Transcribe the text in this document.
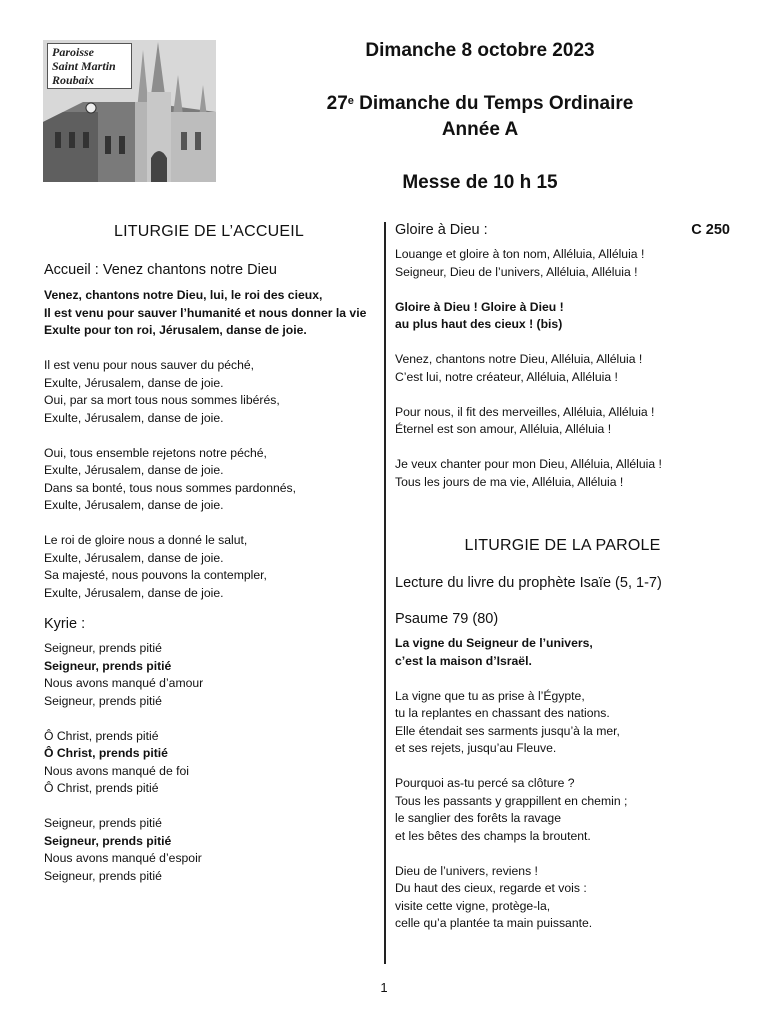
Paroisse
Saint Martin
Roubaix
Dimanche 8 octobre 2023
27e Dimanche du Temps Ordinaire
Année A
Messe de 10 h 15
LITURGIE DE L’ACCUEIL
Accueil : Venez chantons notre Dieu
Venez, chantons notre Dieu, lui, le roi des cieux,
Il est venu pour sauver l’humanité et nous donner la vie
Exulte pour ton roi, Jérusalem, danse de joie.
Il est venu pour nous sauver du péché,
Exulte, Jérusalem, danse de joie.
Oui, par sa mort tous nous sommes libérés,
Exulte, Jérusalem, danse de joie.
Oui, tous ensemble rejetons notre péché,
Exulte, Jérusalem, danse de joie.
Dans sa bonté, tous nous sommes pardonnés,
Exulte, Jérusalem, danse de joie.
Le roi de gloire nous a donné le salut,
Exulte, Jérusalem, danse de joie.
Sa majesté, nous pouvons la contempler,
Exulte, Jérusalem, danse de joie.
Kyrie :
Seigneur, prends pitié
Seigneur, prends pitié
Nous avons manqué d’amour
Seigneur, prends pitié
Ô Christ, prends pitié
Ô Christ, prends pitié
Nous avons manqué de foi
Ô Christ, prends pitié
Seigneur, prends pitié
Seigneur, prends pitié
Nous avons manqué d’espoir
Seigneur, prends pitié
Gloire à Dieu :	C 250
Louange et gloire à ton nom, Alléluia, Alléluia !
Seigneur, Dieu de l’univers, Alléluia, Alléluia !
Gloire à Dieu ! Gloire à Dieu !
au plus haut des cieux ! (bis)
Venez, chantons notre Dieu, Alléluia, Alléluia !
C’est lui, notre créateur, Alléluia, Alléluia !
Pour nous, il fit des merveilles, Alléluia, Alléluia !
Éternel est son amour, Alléluia, Alléluia !
Je veux chanter pour mon Dieu, Alléluia, Alléluia !
Tous les jours de ma vie, Alléluia, Alléluia !
LITURGIE DE LA PAROLE
Lecture du livre du prophète Isaïe (5, 1-7)
Psaume 79 (80)
La vigne du Seigneur de l’univers,
c’est la maison d’Israël.
La vigne que tu as prise à l’Égypte,
tu la replantes en chassant des nations.
Elle étendait ses sarments jusqu’à la mer,
et ses rejets, jusqu’au Fleuve.
Pourquoi as-tu percé sa clôture ?
Tous les passants y grappillent en chemin ;
le sanglier des forêts la ravage
et les bêtes des champs la broutent.
Dieu de l’univers, reviens !
Du haut des cieux, regarde et vois :
visite cette vigne, protège-la,
celle qu’a plantée ta main puissante.
1
